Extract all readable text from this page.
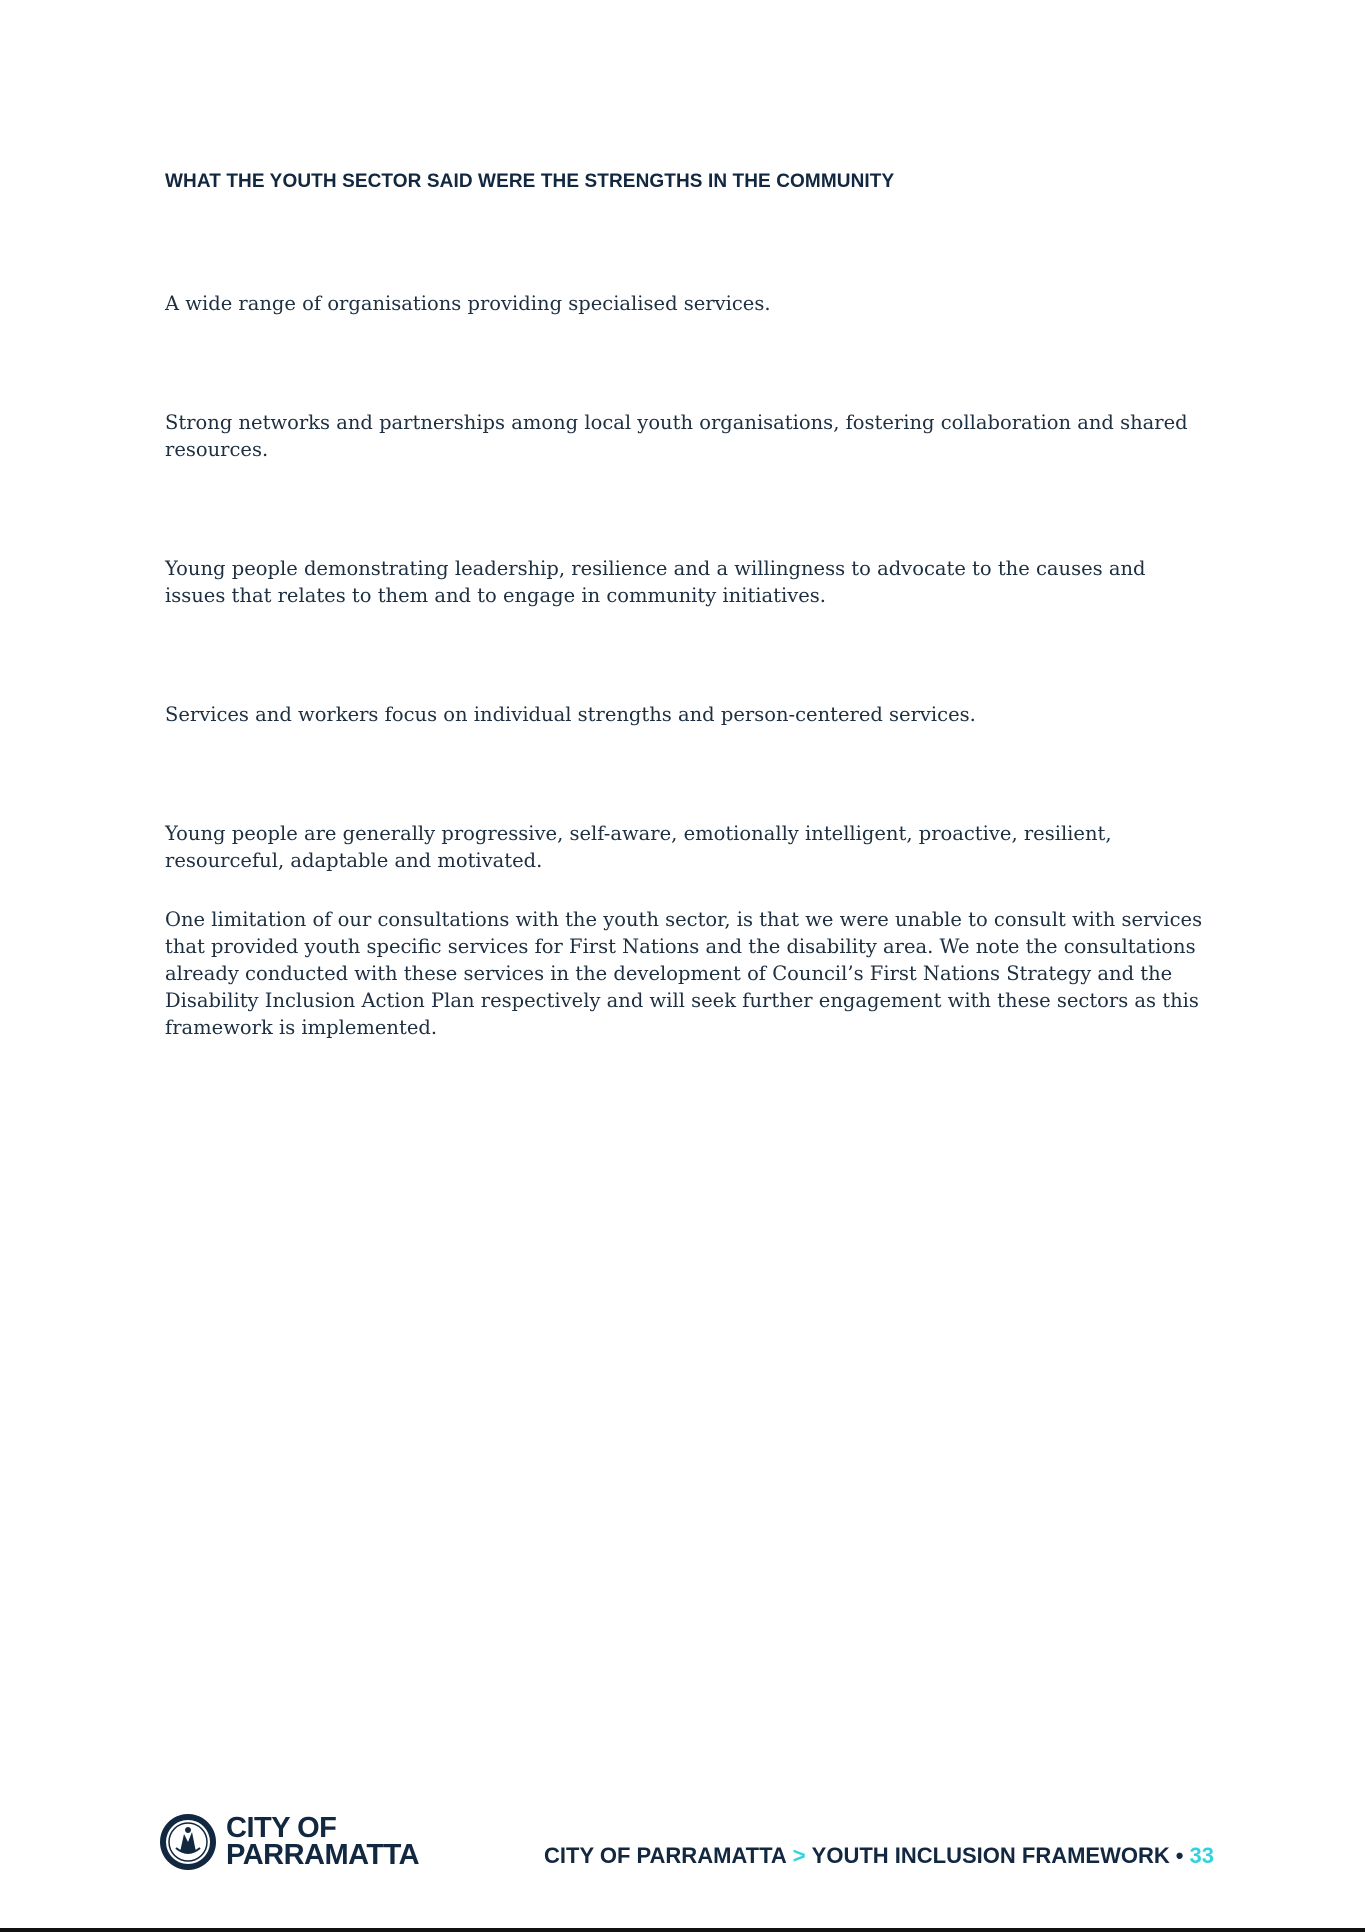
WHAT THE YOUTH SECTOR SAID WERE THE STRENGTHS IN THE COMMUNITY

A wide range of organisations providing specialised services.

Strong networks and partnerships among local youth organisations, fostering collaboration and shared resources.

Young people demonstrating leadership, resilience and a willingness to advocate to the causes and issues that relates to them and to engage in community initiatives.

Services and workers focus on individual strengths and person-centered services.

Young people are generally progressive, self-aware, emotionally intelligent, proactive, resilient, resourceful, adaptable and motivated.

One limitation of our consultations with the youth sector, is that we were unable to consult with services that provided youth specific services for First Nations and the disability area. We note the consultations already conducted with these services in the development of Council’s First Nations Strategy and the Disability Inclusion Action Plan respectively and will seek further engagement with these sectors as this framework is implemented.

CITY OF
PARRAMATTA	CITY OF PARRAMATTA > YOUTH INCLUSION FRAMEWORK • 33
